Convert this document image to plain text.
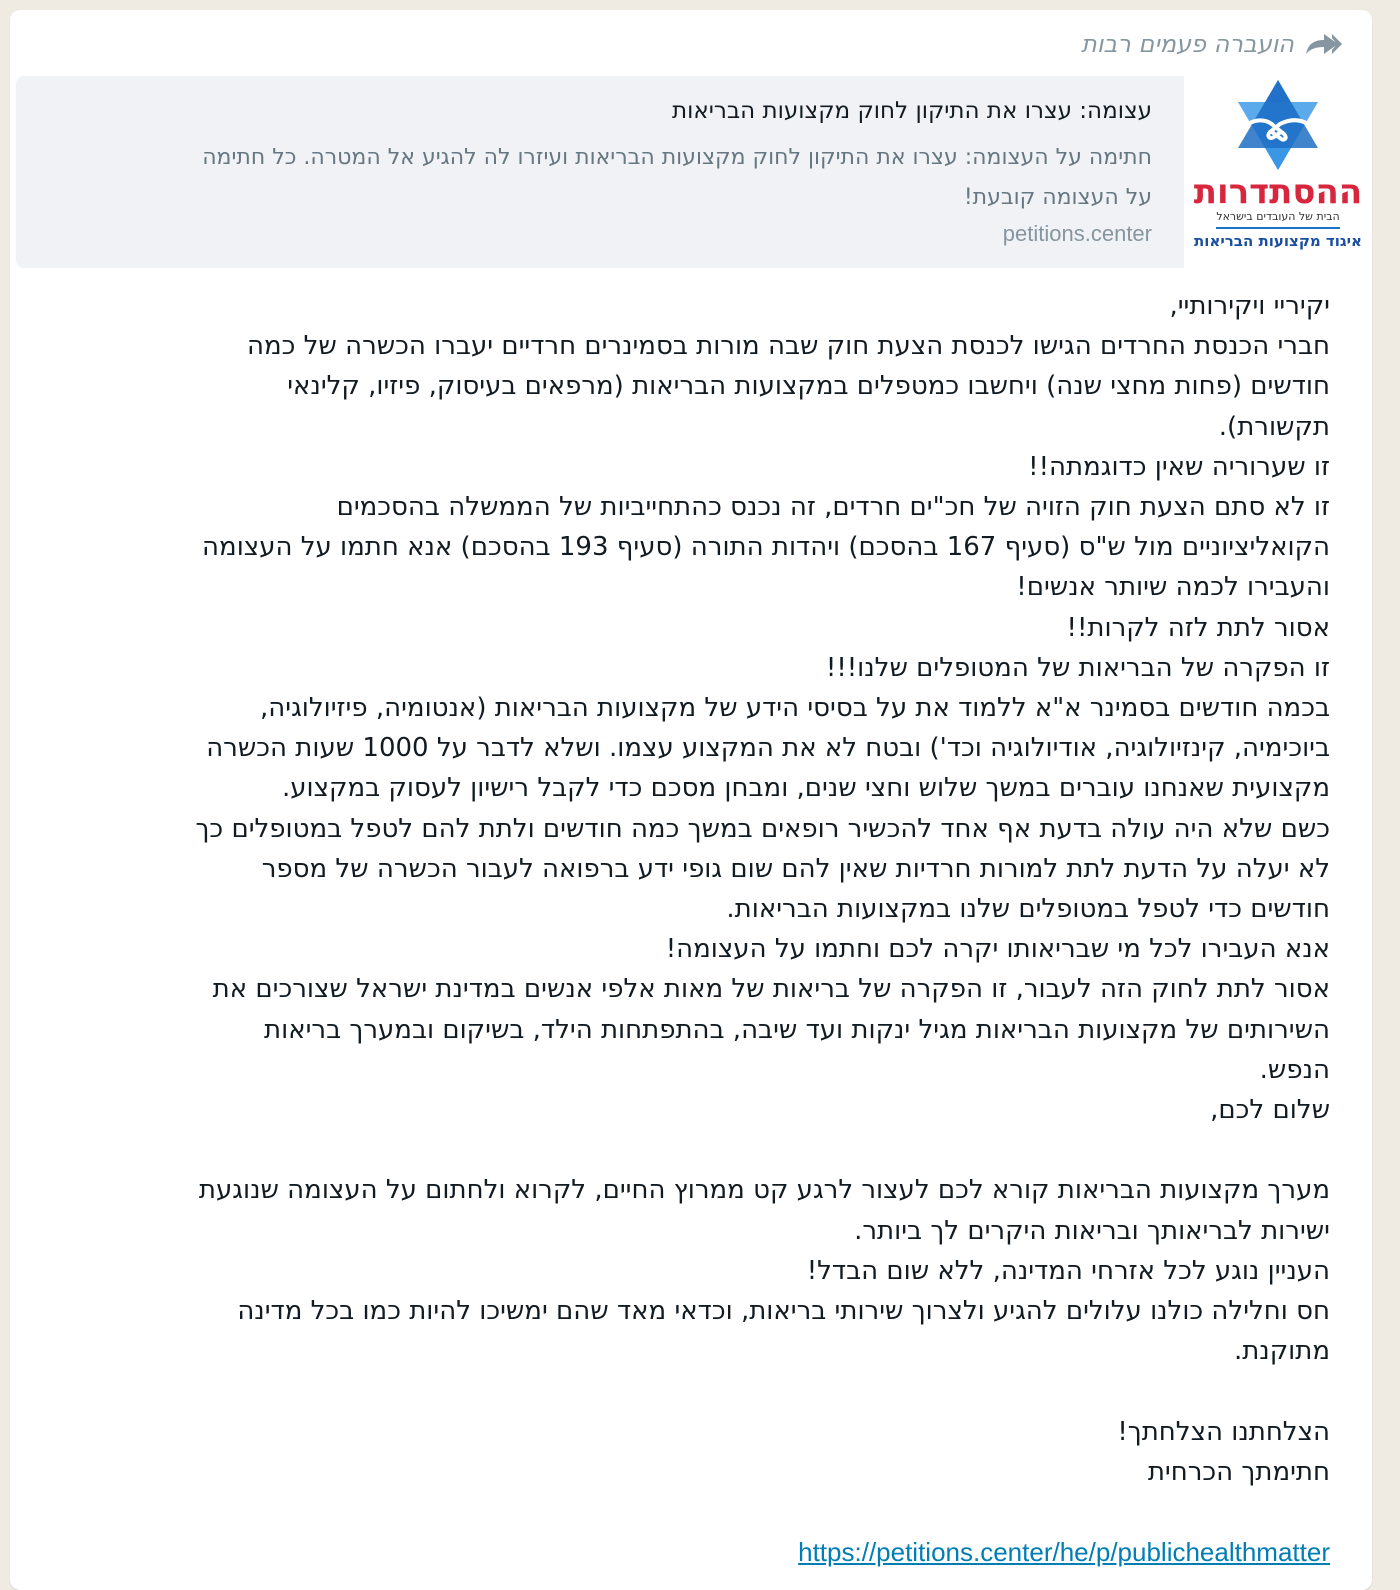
הועברה פעמים רבות
ההסתדרות
הבית של העובדים בישראל
איגוד מקצועות הבריאות
עצומה: עצרו את התיקון לחוק מקצועות הבריאות
חתימה על העצומה: עצרו את התיקון לחוק מקצועות הבריאות ועיזרו לה להגיע אל המטרה. כל חתימה
על העצומה קובעת!
petitions.center

יקיריי ויקירותיי,

חברי הכנסת החרדים הגישו לכנסת הצעת חוק שבה מורות בסמינרים חרדיים יעברו הכשרה של כמה

חודשים (פחות מחצי שנה) ויחשבו כמטפלים במקצועות הבריאות (מרפאים בעיסוק, פיזיו, קלינאי

תקשורת).

זו שערוריה שאין כדוגמתה!!

זו לא סתם הצעת חוק הזויה של חכ"ים חרדים, זה נכנס כהתחייביות של הממשלה בהסכמים

הקואליציוניים מול ש"ס (סעיף 167 בהסכם) ויהדות התורה (סעיף 193 בהסכם) אנא חתמו על העצומה

והעבירו לכמה שיותר אנשים!

אסור לתת לזה לקרות!!

זו הפקרה של הבריאות של המטופלים שלנו!!!

בכמה חודשים בסמינר א"א ללמוד את על בסיסי הידע של מקצועות הבריאות (אנטומיה, פיזיולוגיה,

ביוכימיה, קינזיולוגיה, אודיולוגיה וכד') ובטח לא את המקצוע עצמו. ושלא לדבר על 1000 שעות הכשרה

מקצועית שאנחנו עוברים במשך שלוש וחצי שנים, ומבחן מסכם כדי לקבל רישיון לעסוק במקצוע.

כשם שלא היה עולה בדעת אף אחד להכשיר רופאים במשך כמה חודשים ולתת להם לטפל במטופלים כך

לא יעלה על הדעת לתת למורות חרדיות שאין להם שום גופי ידע ברפואה לעבור הכשרה של מספר

חודשים כדי לטפל במטופלים שלנו במקצועות הבריאות.

אנא העבירו לכל מי שבריאותו יקרה לכם וחתמו על העצומה!

אסור לתת לחוק הזה לעבור, זו הפקרה של בריאות של מאות אלפי אנשים במדינת ישראל שצורכים את

השירותים של מקצועות הבריאות מגיל ינקות ועד שיבה, בהתפתחות הילד, בשיקום ובמערך בריאות

הנפש.

שלום לכם,

מערך מקצועות הבריאות קורא לכם לעצור לרגע קט ממרוץ החיים, לקרוא ולחתום על העצומה שנוגעת

ישירות לבריאותך ובריאות היקרים לך ביותר.

העניין נוגע לכל אזרחי המדינה, ללא שום הבדל!

חס וחלילה כולנו עלולים להגיע ולצרוך שירותי בריאות, וכדאי מאד שהם ימשיכו להיות כמו בכל מדינה

מתוקנת.

הצלחתנו הצלחתך!

חתימתך הכרחית

https://petitions.center/he/p/publichealthmatter
